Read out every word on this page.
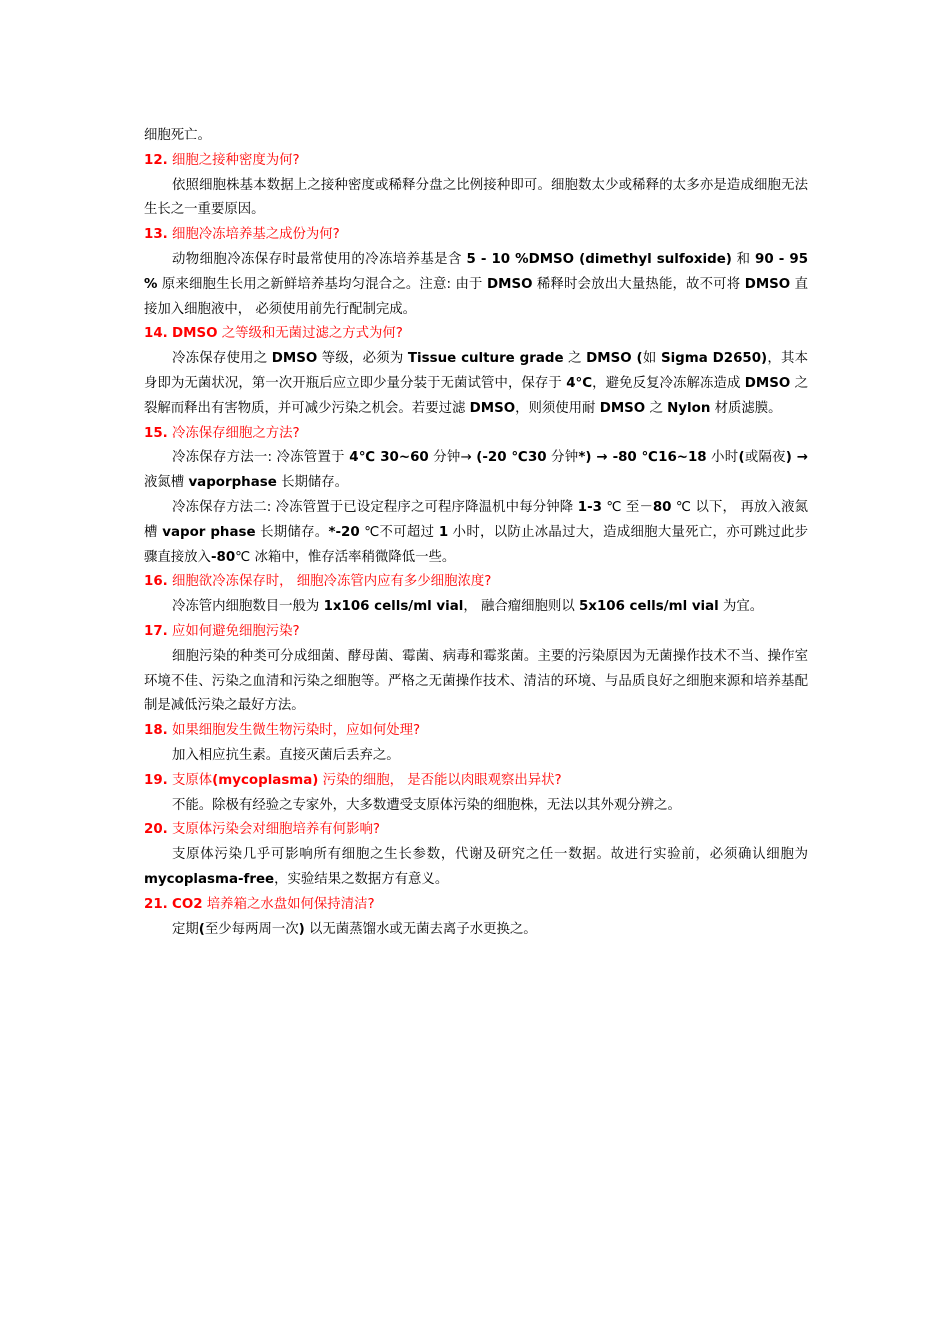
细胞死亡。
12. 细胞之接种密度为何?
依照细胞株基本数据上之接种密度或稀释分盘之比例接种即可。细胞数太少或稀释的太多亦是造成细胞无法生长之一重要原因。
13. 细胞冷冻培养基之成份为何?
动物细胞冷冻保存时最常使用的冷冻培养基是含 5 - 10 %DMSO (dimethyl sulfoxide) 和 90 - 95 % 原来细胞生长用之新鲜培养基均匀混合之。注意: 由于 DMSO 稀释时会放出大量热能，故不可将 DMSO 直接加入细胞液中， 必须使用前先行配制完成。
14. DMSO 之等级和无菌过滤之方式为何?
冷冻保存使用之 DMSO 等级，必须为 Tissue culture grade 之 DMSO (如 Sigma D2650)，其本身即为无菌状况，第一次开瓶后应立即少量分装于无菌试管中，保存于 4°C，避免反复冷冻解冻造成 DMSO 之裂解而释出有害物质，并可减少污染之机会。若要过滤 DMSO，则须使用耐 DMSO 之 Nylon 材质滤膜。
15. 冷冻保存细胞之方法?
冷冻保存方法一: 冷冻管置于 4℃ 30~60 分钟→ (-20 ℃30 分钟*) → -80 ℃16~18 小时(或隔夜) → 液氮槽 vaporphase 长期储存。
冷冻保存方法二: 冷冻管置于已设定程序之可程序降温机中每分钟降 1-3 ℃ 至－80 ℃ 以下， 再放入液氮槽 vapor phase 长期储存。*-20 ℃不可超过 1 小时，以防止冰晶过大，造成细胞大量死亡，亦可跳过此步骤直接放入-80℃ 冰箱中，惟存活率稍微降低一些。
16. 细胞欲冷冻保存时， 细胞冷冻管内应有多少细胞浓度?
冷冻管内细胞数目一般为 1x106 cells/ml vial， 融合瘤细胞则以 5x106 cells/ml vial 为宜。
17. 应如何避免细胞污染?
细胞污染的种类可分成细菌、酵母菌、霉菌、病毒和霉浆菌。主要的污染原因为无菌操作技术不当、操作室环境不佳、污染之血清和污染之细胞等。严格之无菌操作技术、清洁的环境、与品质良好之细胞来源和培养基配制是减低污染之最好方法。
18. 如果细胞发生微生物污染时，应如何处理?
加入相应抗生素。直接灭菌后丢弃之。
19. 支原体(mycoplasma) 污染的细胞， 是否能以肉眼观察出异状?
不能。除极有经验之专家外，大多数遭受支原体污染的细胞株，无法以其外观分辨之。
20. 支原体污染会对细胞培养有何影响?
支原体污染几乎可影响所有细胞之生长参数，代谢及研究之任一数据。故进行实验前，必须确认细胞为 mycoplasma-free，实验结果之数据方有意义。
21. CO2 培养箱之水盘如何保持清洁?
定期(至少每两周一次) 以无菌蒸馏水或无菌去离子水更换之。
